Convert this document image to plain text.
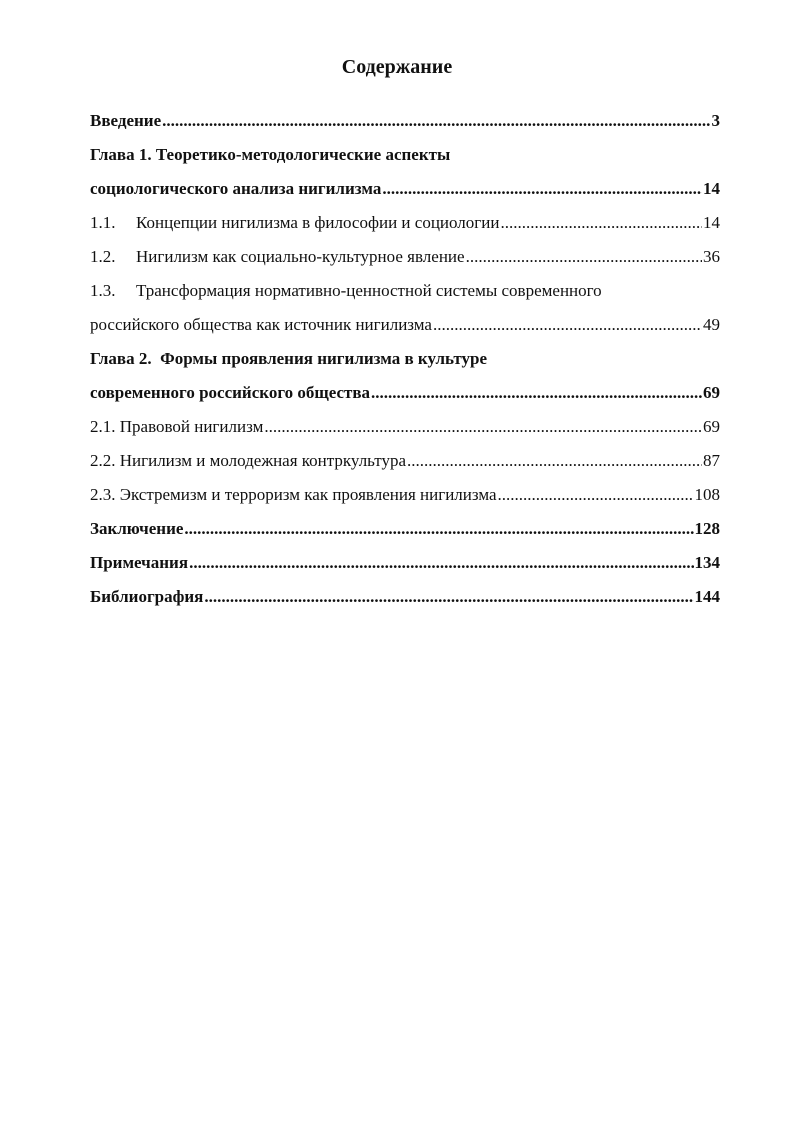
Содержание
Введение .....	3
Глава 1. Теоретико-методологические аспекты
социологического анализа нигилизма .....	14
1.1.	Концепции нигилизма в философии и социологии .....	14
1.2.	Нигилизм как социально-культурное явление .....	36
1.3.	Трансформация нормативно-ценностной системы современного
российского общества как источник нигилизма .....	49
Глава 2.  Формы проявления нигилизма в культуре
современного российского общества .....	69
2.1. Правовой нигилизм .....	69
2.2. Нигилизм и молодежная контркультура .....	87
2.3. Экстремизм и терроризм как проявления нигилизма .....	108
Заключение .....	128
Примечания .....	134
Библиография .....	144
